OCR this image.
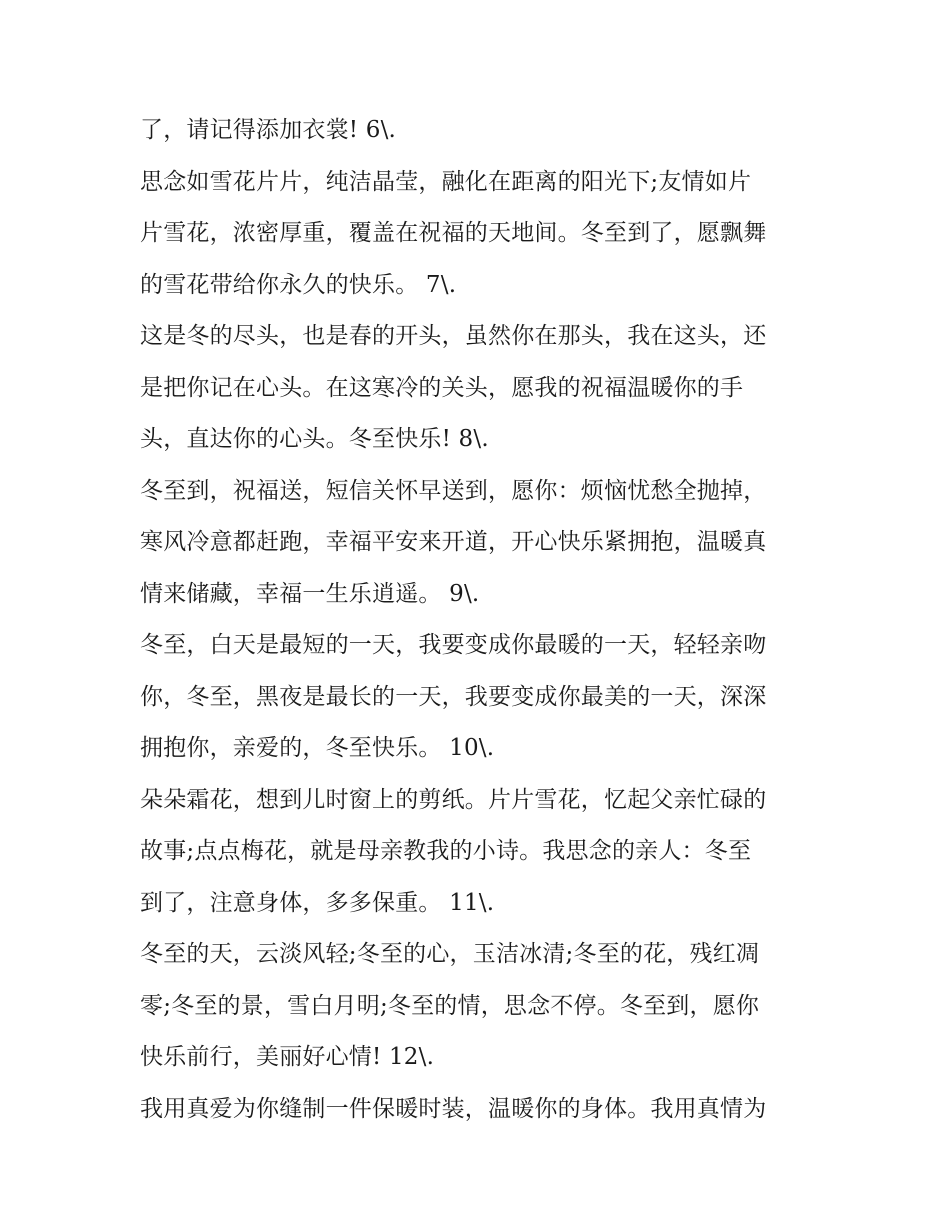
了，请记得添加衣裳! 6\.
思念如雪花片片，纯洁晶莹，融化在距离的阳光下;友情如片
片雪花，浓密厚重，覆盖在祝福的天地间。冬至到了，愿飘舞
的雪花带给你永久的快乐。 7\.
这是冬的尽头，也是春的开头，虽然你在那头，我在这头，还
是把你记在心头。在这寒冷的关头，愿我的祝福温暖你的手
头，直达你的心头。冬至快乐! 8\.
冬至到，祝福送，短信关怀早送到，愿你：烦恼忧愁全抛掉，
寒风冷意都赶跑，幸福平安来开道，开心快乐紧拥抱，温暖真
情来储藏，幸福一生乐逍遥。 9\.
冬至，白天是最短的一天，我要变成你最暖的一天，轻轻亲吻
你，冬至，黑夜是最长的一天，我要变成你最美的一天，深深
拥抱你，亲爱的，冬至快乐。 10\.
朵朵霜花，想到儿时窗上的剪纸。片片雪花，忆起父亲忙碌的
故事;点点梅花，就是母亲教我的小诗。我思念的亲人：冬至
到了，注意身体，多多保重。 11\.
冬至的天，云淡风轻;冬至的心，玉洁冰清;冬至的花，残红凋
零;冬至的景，雪白月明;冬至的情，思念不停。冬至到，愿你
快乐前行，美丽好心情! 12\.
我用真爱为你缝制一件保暖时装，温暖你的身体。我用真情为
